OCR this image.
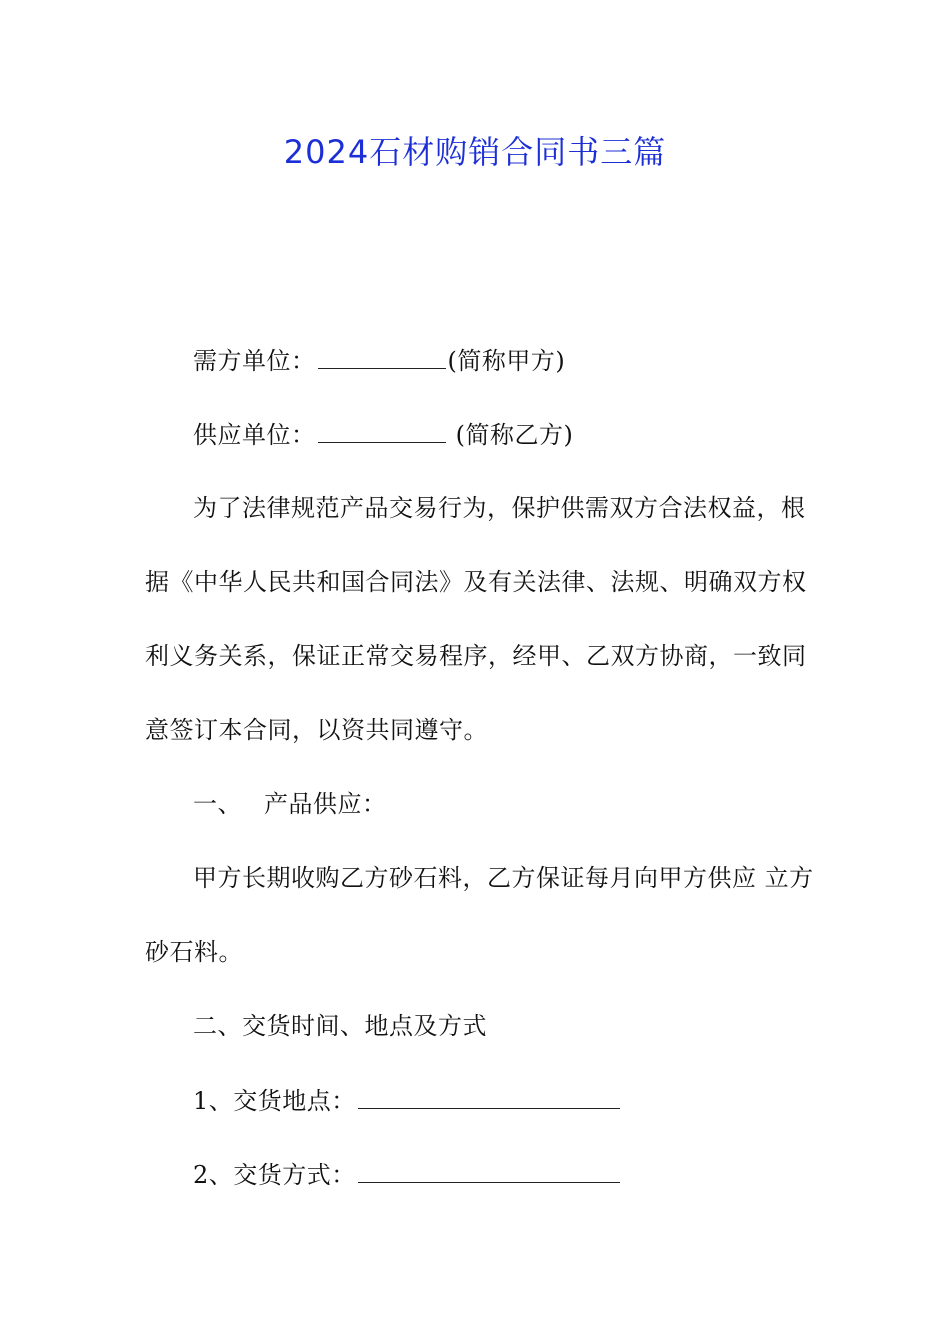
2024石材购销合同书三篇
需方单位：	(简称甲方)
供应单位：	(简称乙方)
为了法律规范产品交易行为，保护供需双方合法权益，根
据《中华人民共和国合同法》及有关法律、法规、明确双方权
利义务关系，保证正常交易程序，经甲、乙双方协商，一致同
意签订本合同，以资共同遵守。
一、 产品供应：
甲方长期收购乙方砂石料，乙方保证每月向甲方供应 立方
砂石料。
二、交货时间、地点及方式
1、交货地点：
2、交货方式：
